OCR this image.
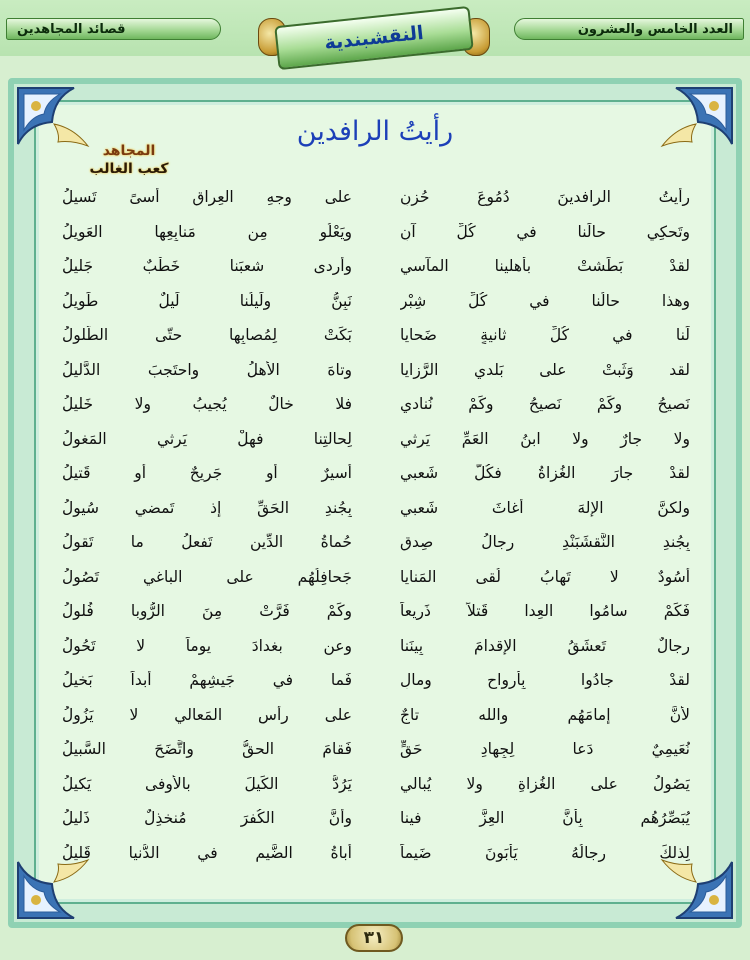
العدد الخامس والعشرون
قصائد المجاهدين	النقشبندية
رأيتُ الرافدين
المجاهد
كعب الغالب
رأيتُ الرافدينَ دُمُوعَ حُزنٍ
على وجهِ العِراقِ أسىً تَسيلُ
وتَحكِي حالَنا في كُلِّ آنٍ
ويَعْلُو مِن مَنابِعِها العَويلُ
لقدْ بَطَشتْ بأهلينا المآسي
وأردى شعبَنا خَطْبٌ جَليلُ
وهذا حالُنا في كُلِّ شِبْرٍ
نَبِنُّ ولَيلُنا لَيلٌ طَويلُ
لَنا في كُلِّ ثانيةٍ ضَحايا
بَكَتْ لِمُصابِها حتّى الطُّلولُ
لقد وَثَبتْ على بَلدي الرَّزايا
وتاهَ الأهلُ واحتَجبَ الدَّليلُ
نَصيحُ وكَمْ نَصيحُ وكَمْ نُنادي
فلا خالٌ يُجيبُ ولا خَليلُ
ولا جارٌ ولا ابنُ العَمِّ يَرثي
لِحالتِنا فهلْ يَرثي المَغولُ
لقدْ جارَ الغُزاةُ فكُلُّ شَعبي
أسيرٌ أو جَريحٌ أو قَتيلُ
ولكنَّ الإلهَ أغاثَ شَعبي
بِجُندِ الحَقِّ إذ تَمضي سُيولُ
بِجُندِ النَّقشَبَنْدِ رِجالُ صِدقٍ
حُماةُ الدِّينِ تَفعلُ ما تَقولُ
أُسُودٌ لا تَهابُ لُقى المَنايا
جَحافِلُهُم على الباغي تَصُولُ
فَكَمْ سامُوا العِدا قَتلاً ذَريعاً
وكَمْ فَرَّتْ مِنَ الرُّوبا فُلولُ
رِجالٌ تَعشَقُ الإقدامَ بِينَنا
وعن بغدادَ يوماً لا تَحُولُ
لقدْ جادُوا بِأرواحٍ ومالٍ
فَما في جَيشِهِمْ أبداً بَخيلُ
لأنَّ إمامَهُم والله تاجٌ
على رأسِ المَعالي لا يَزُولُ
نُعَيمِيٌ دَعا لِجِهادِ حَقٍّ
فَقامَ الحقُّ واتَّضَحَ السَّبيلُ
يَصُولُ على الغُزاةِ ولا يُبالي
يَرُدُّ الكَيلَ بالأوفى يَكيلُ
يُبَصِّرُهُم بِأنَّ العِزَّ فينا
وأنَّ الكُفرَ مُنخذِلٌ ذَليلُ
لِذلكَ رِجالُهُ يَأبَونَ ضَيماً
أباةُ الضَّيمِ في الدُّنيا قَليلُ
٣١
